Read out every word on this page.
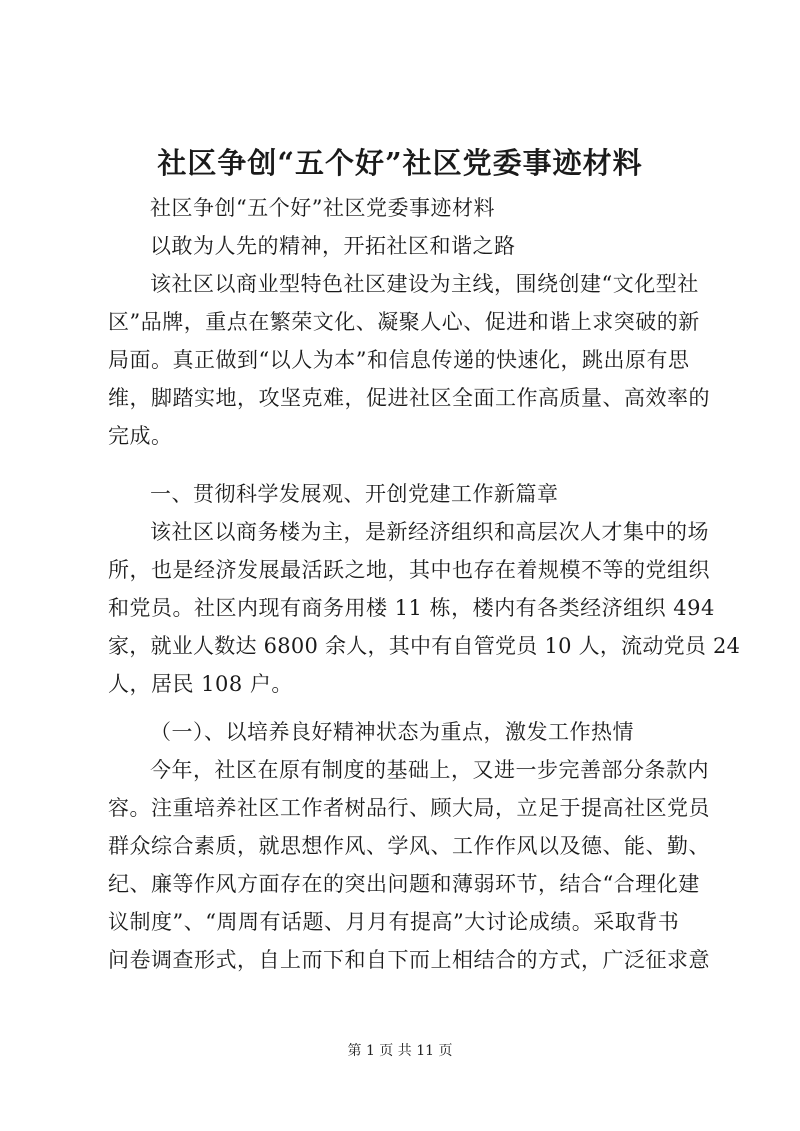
社区争创“五个好”社区党委事迹材料

社区争创“五个好”社区党委事迹材料

以敢为人先的精神，开拓社区和谐之路

该社区以商业型特色社区建设为主线，围绕创建“文化型社

区”品牌，重点在繁荣文化、凝聚人心、促进和谐上求突破的新

局面。真正做到“以人为本”和信息传递的快速化，跳出原有思

维，脚踏实地，攻坚克难，促进社区全面工作高质量、高效率的

完成。

一、贯彻科学发展观、开创党建工作新篇章

该社区以商务楼为主，是新经济组织和高层次人才集中的场

所，也是经济发展最活跃之地，其中也存在着规模不等的党组织

和党员。社区内现有商务用楼 11 栋，楼内有各类经济组织 494

家，就业人数达 6800 余人，其中有自管党员 10 人，流动党员 24

人，居民 108 户。

（一）、以培养良好精神状态为重点，激发工作热情

今年，社区在原有制度的基础上，又进一步完善部分条款内

容。注重培养社区工作者树品行、顾大局，立足于提高社区党员

群众综合素质，就思想作风、学风、工作作风以及德、能、勤、

纪、廉等作风方面存在的突出问题和薄弱环节，结合“合理化建

议制度”、“周周有话题、月月有提高”大讨论成绩。采取背书

问卷调查形式，自上而下和自下而上相结合的方式，广泛征求意

第 1 页 共 11 页
